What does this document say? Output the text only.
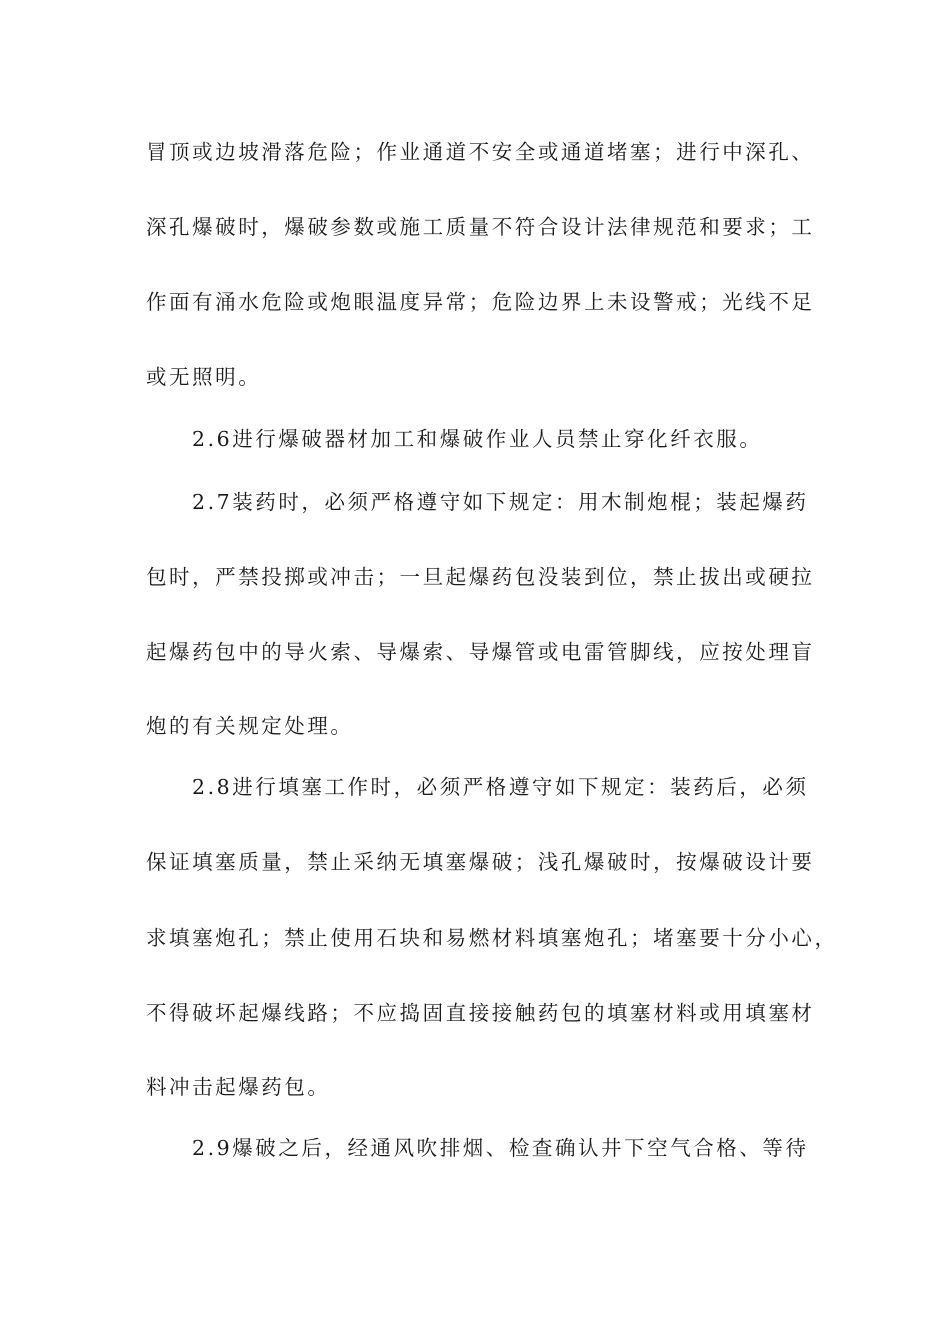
冒顶或边坡滑落危险；作业通道不安全或通道堵塞；进行中深孔、
深孔爆破时，爆破参数或施工质量不符合设计法律规范和要求；工
作面有涌水危险或炮眼温度异常；危险边界上未设警戒；光线不足
或无照明。
2.6进行爆破器材加工和爆破作业人员禁止穿化纤衣服。
2.7装药时，必须严格遵守如下规定：用木制炮棍；装起爆药
包时，严禁投掷或冲击；一旦起爆药包没装到位，禁止拔出或硬拉
起爆药包中的导火索、导爆索、导爆管或电雷管脚线，应按处理盲
炮的有关规定处理。
2.8进行填塞工作时，必须严格遵守如下规定：装药后，必须
保证填塞质量，禁止采纳无填塞爆破；浅孔爆破时，按爆破设计要
求填塞炮孔；禁止使用石块和易燃材料填塞炮孔；堵塞要十分小心，
不得破坏起爆线路；不应捣固直接接触药包的填塞材料或用填塞材
料冲击起爆药包。
2.9爆破之后，经通风吹排烟、检查确认井下空气合格、等待
